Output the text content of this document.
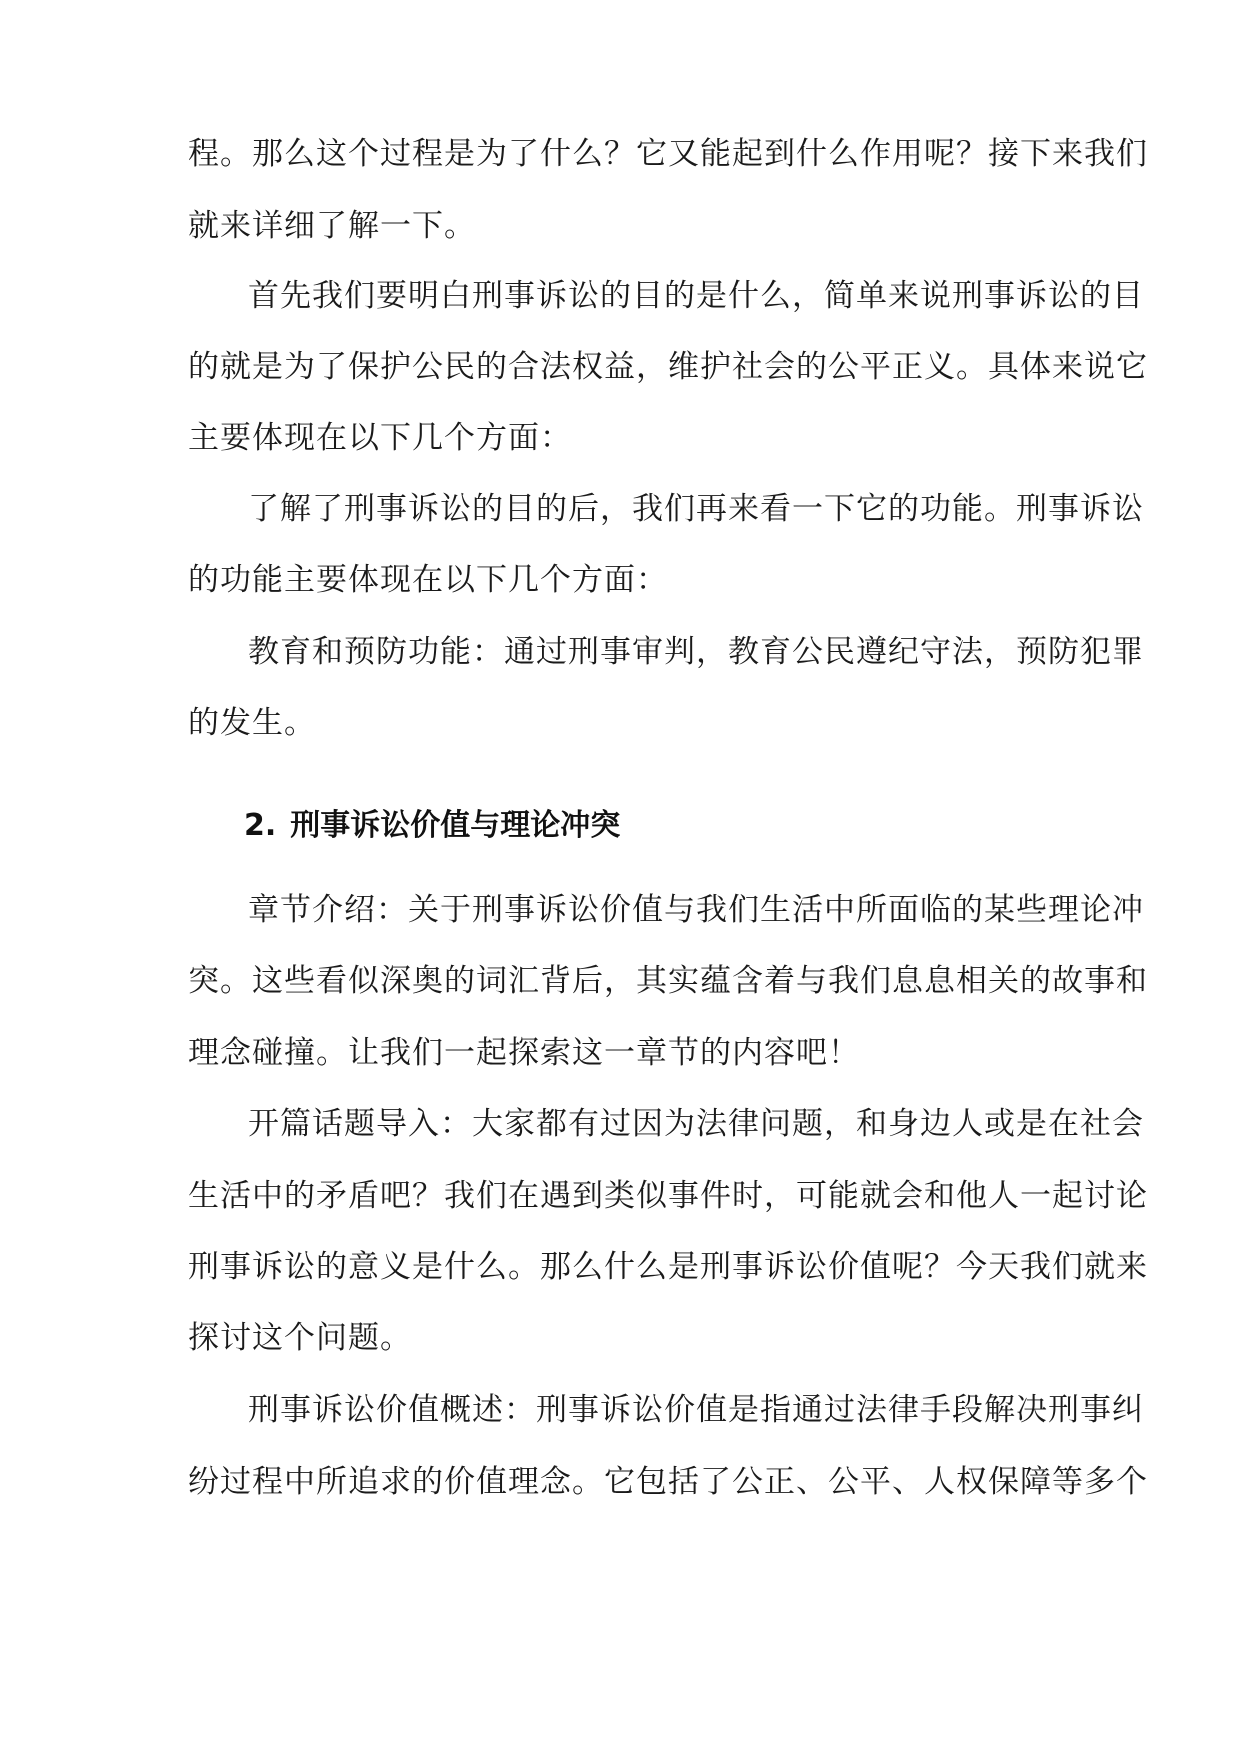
程。那么这个过程是为了什么？它又能起到什么作用呢？接下来我们
就来详细了解一下。
首先我们要明白刑事诉讼的目的是什么，简单来说刑事诉讼的目
的就是为了保护公民的合法权益，维护社会的公平正义。具体来说它
主要体现在以下几个方面：
了解了刑事诉讼的目的后，我们再来看一下它的功能。刑事诉讼
的功能主要体现在以下几个方面：
教育和预防功能：通过刑事审判，教育公民遵纪守法，预防犯罪
的发生。
2. 刑事诉讼价值与理论冲突
章节介绍：关于刑事诉讼价值与我们生活中所面临的某些理论冲
突。这些看似深奥的词汇背后，其实蕴含着与我们息息相关的故事和
理念碰撞。让我们一起探索这一章节的内容吧！
开篇话题导入：大家都有过因为法律问题，和身边人或是在社会
生活中的矛盾吧？我们在遇到类似事件时，可能就会和他人一起讨论
刑事诉讼的意义是什么。那么什么是刑事诉讼价值呢？今天我们就来
探讨这个问题。
刑事诉讼价值概述：刑事诉讼价值是指通过法律手段解决刑事纠
纷过程中所追求的价值理念。它包括了公正、公平、人权保障等多个
